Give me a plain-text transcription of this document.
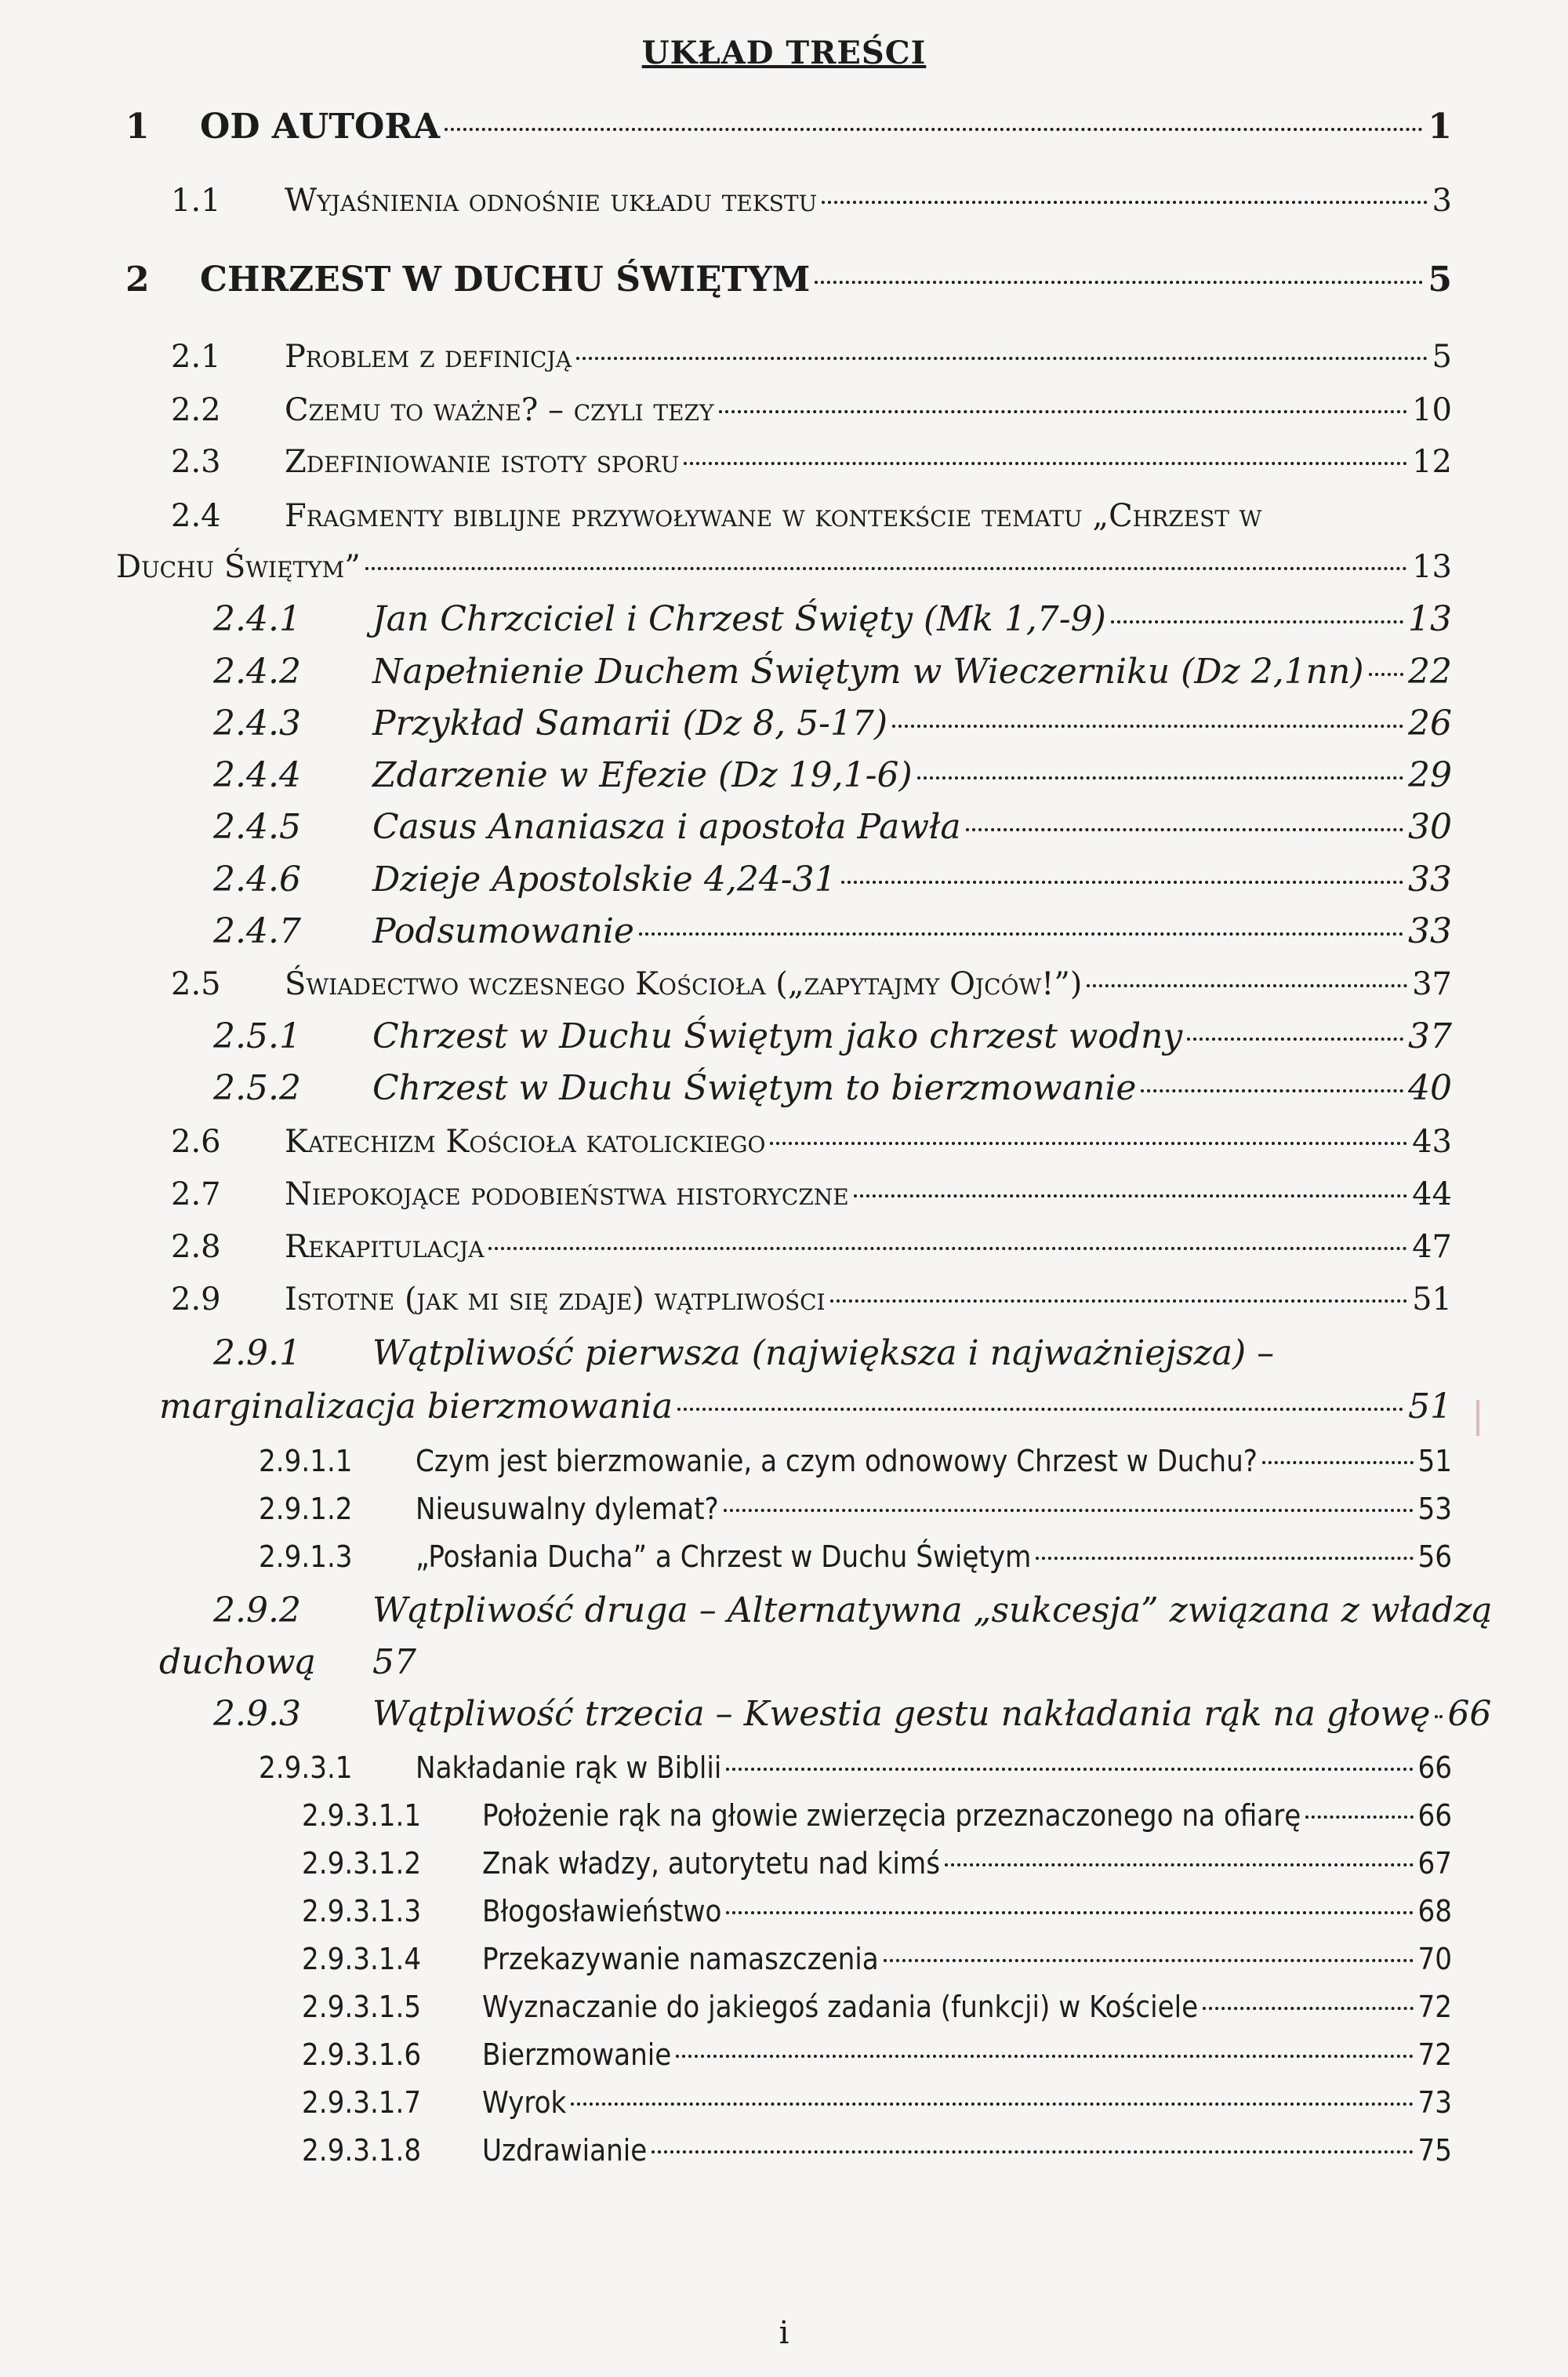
UKŁAD TREŚCI
1	OD AUTORA	1
1.1	Wyjaśnienia odnośnie układu tekstu	3
2	CHRZEST W DUCHU ŚWIĘTYM	5
2.1	Problem z definicją	5
2.2	Czemu to ważne? – czyli tezy	10
2.3	Zdefiniowanie istoty sporu	12
2.4 Fragmenty biblijne przywoływane w kontekście tematu „Chrzest w
Duchu Świętym”	13
2.4.1	Jan Chrzciciel i Chrzest Święty (Mk 1,7-9)	13
2.4.2	Napełnienie Duchem Świętym w Wieczerniku (Dz 2,1nn) 22
2.4.3	Przykład Samarii (Dz 8, 5-17)	26
2.4.4	Zdarzenie w Efezie (Dz 19,1-6)	29
2.4.5	Casus Ananiasza i apostoła Pawła	30
2.4.6	Dzieje Apostolskie 4,24-31	33
2.4.7	Podsumowanie	33
2.5	Świadectwo wczesnego Kościoła („zapytajmy Ojców!”)	37
2.5.1	Chrzest w Duchu Świętym jako chrzest wodny	37
2.5.2	Chrzest w Duchu Świętym to bierzmowanie	40
2.6	Katechizm Kościoła katolickiego	43
2.7	Niepokojące podobieństwa historyczne	44
2.8	Rekapitulacja	47
2.9	Istotne (jak mi się zdaje) wątpliwości	51
2.9.1 Wątpliwość pierwsza (największa i najważniejsza) –
marginalizacja bierzmowania	51
2.9.1.1	Czym jest bierzmowanie, a czym odnowowy Chrzest w Duchu?	51
2.9.1.2	Nieusuwalny dylemat?	53
2.9.1.3	„Posłania Ducha” a Chrzest w Duchu Świętym	56
2.9.2 Wątpliwość druga – Alternatywna „sukcesja” związana z władzą
duchową 57
2.9.3	Wątpliwość trzecia – Kwestia gestu nakładania rąk na głowę 66
2.9.3.1	Nakładanie rąk w Biblii	66
2.9.3.1.1	Położenie rąk na głowie zwierzęcia przeznaczonego na ofiarę	66
2.9.3.1.2	Znak władzy, autorytetu nad kimś	67
2.9.3.1.3	Błogosławieństwo	68
2.9.3.1.4	Przekazywanie namaszczenia	70
2.9.3.1.5	Wyznaczanie do jakiegoś zadania (funkcji) w Kościele	72
2.9.3.1.6	Bierzmowanie	72
2.9.3.1.7	Wyrok	73
2.9.3.1.8	Uzdrawianie	75
i
